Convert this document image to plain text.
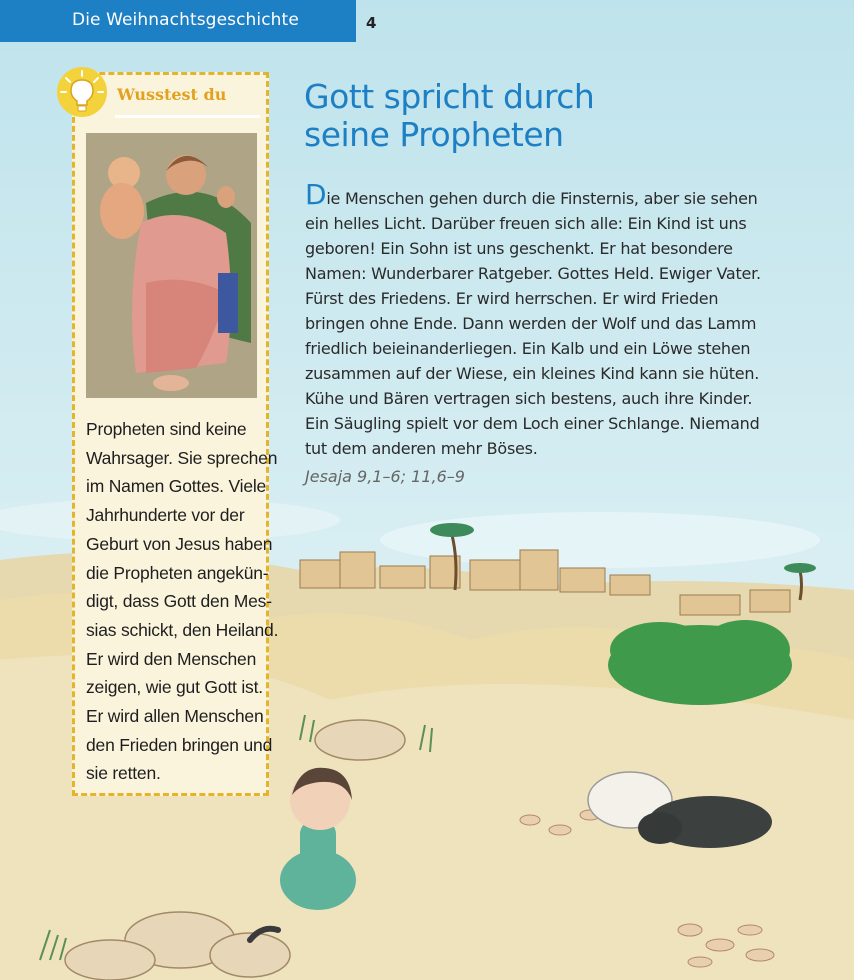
Die Weihnachtsgeschichte	4
Wusstest du
Propheten sind keine
Wahrsager. Sie sprechen
im Namen Gottes. Viele
Jahrhunderte vor der
Geburt von Jesus haben
die Propheten angekün-
digt, dass Gott den Mes-
sias schickt, den Heiland.
Er wird den Menschen
zeigen, wie gut Gott ist.
Er wird allen Menschen
den Frieden bringen und
sie retten.
Gott spricht durch
seine Propheten
Die Menschen gehen durch die Finsternis, aber sie sehen
ein helles Licht. Darüber freuen sich alle: Ein Kind ist uns
geboren! Ein Sohn ist uns geschenkt. Er hat besondere
Namen: Wunderbarer Ratgeber. Gottes Held. Ewiger Vater.
Fürst des Friedens. Er wird herrschen. Er wird Frieden
bringen ohne Ende. Dann werden der Wolf und das Lamm
friedlich beieinanderliegen. Ein Kalb und ein Löwe stehen
zusammen auf der Wiese, ein kleines Kind kann sie hüten.
Kühe und Bären vertragen sich bestens, auch ihre Kinder.
Ein Säugling spielt vor dem Loch einer Schlange. Niemand
tut dem anderen mehr Böses.
Jesaja 9,1–6; 11,6–9
